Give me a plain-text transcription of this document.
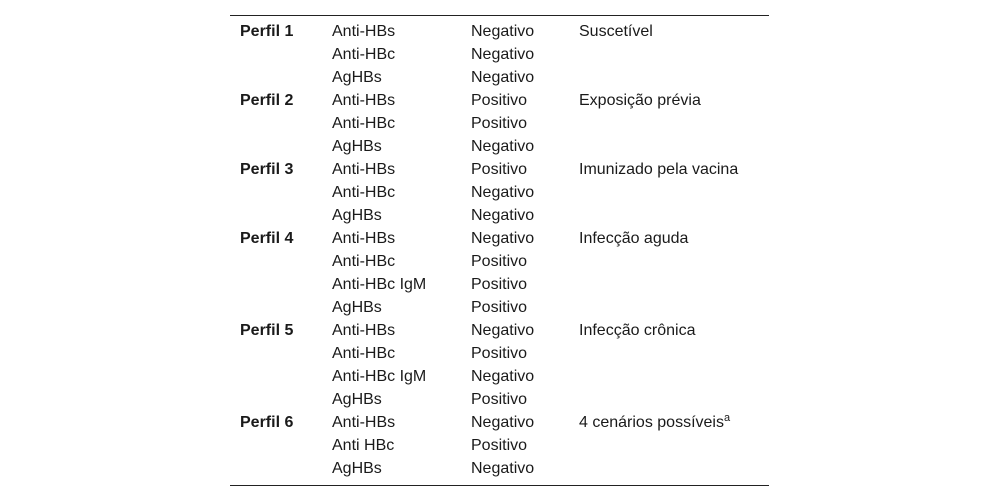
Perfil 1	Anti-HBs	Negativo	Suscetível
	Anti-HBc	Negativo	
	AgHBs	Negativo	
Perfil 2	Anti-HBs	Positivo	Exposição prévia
	Anti-HBc	Positivo	
	AgHBs	Negativo	
Perfil 3	Anti-HBs	Positivo	Imunizado pela vacina
	Anti-HBc	Negativo	
	AgHBs	Negativo	
Perfil 4	Anti-HBs	Negativo	Infecção aguda
	Anti-HBc	Positivo	
	Anti-HBc IgM	Positivo	
	AgHBs	Positivo	
Perfil 5	Anti-HBs	Negativo	Infecção crônica
	Anti-HBc	Positivo	
	Anti-HBc IgM	Negativo	
	AgHBs	Positivo	
Perfil 6	Anti-HBs	Negativo	4 cenários possíveis$^a$
	Anti HBc	Positivo	
	AgHBs	Negativo	
